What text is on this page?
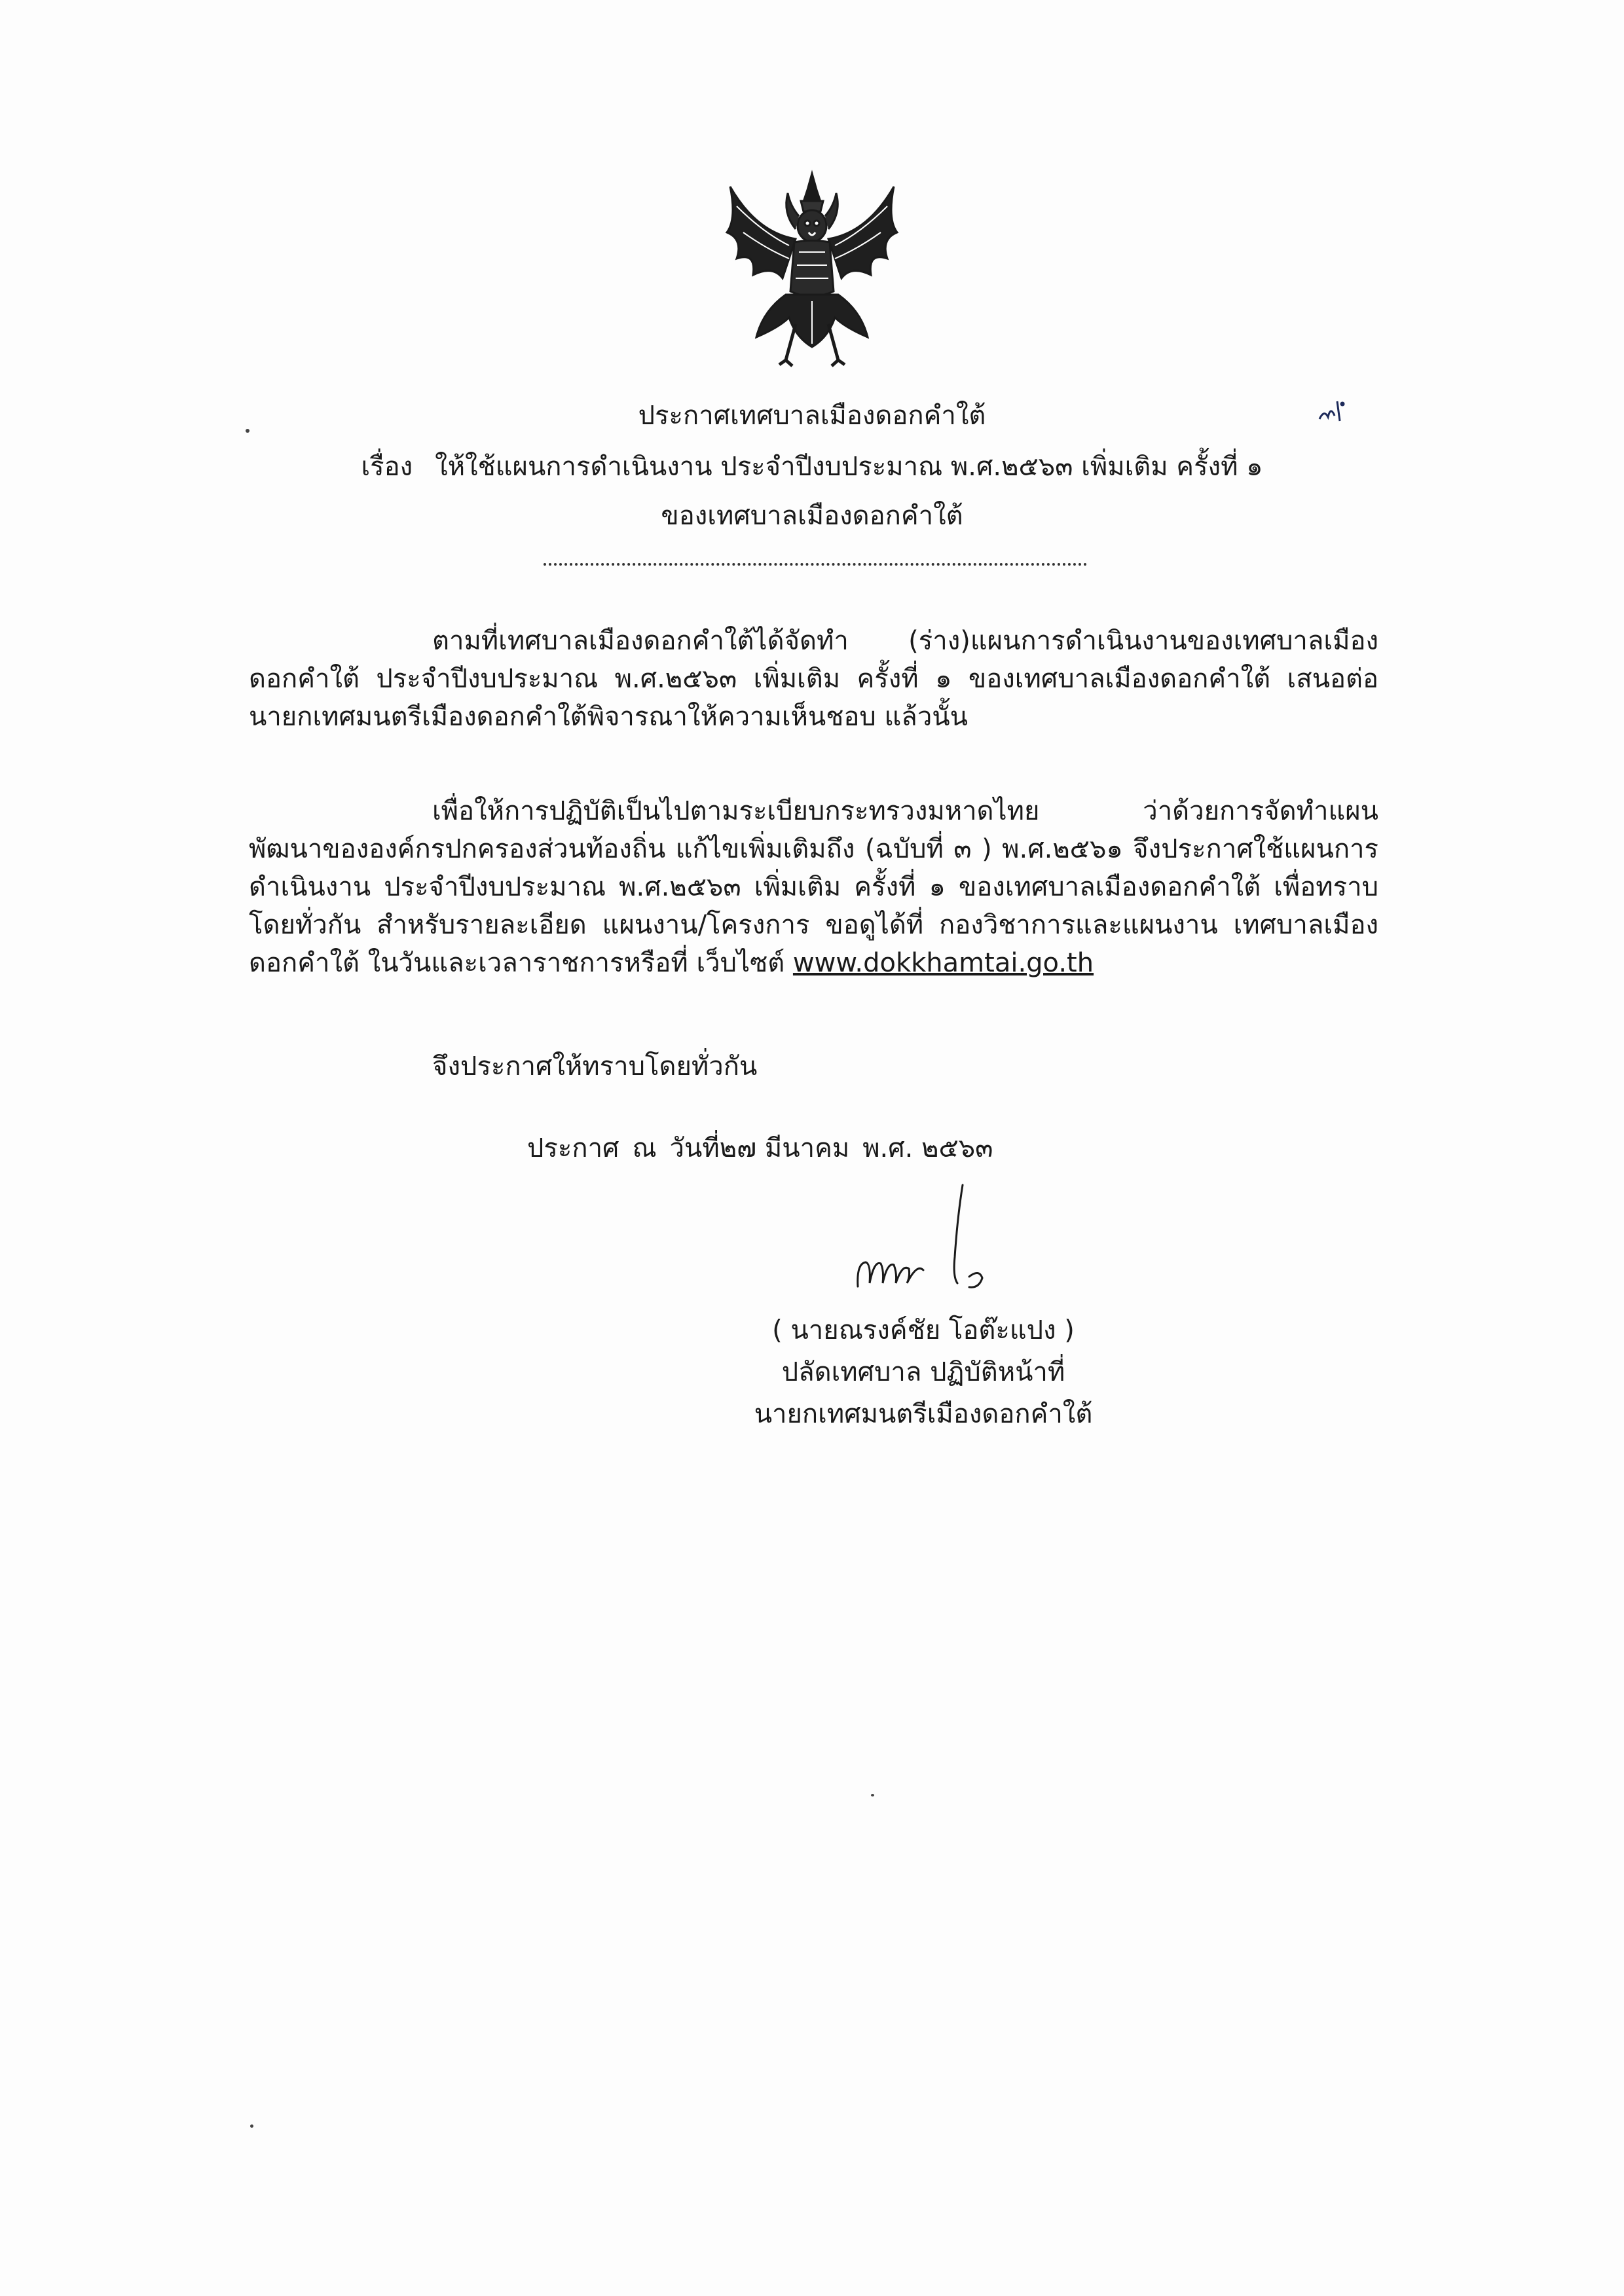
ประกาศเทศบาลเมืองดอกคำใต้
เรื่อง ให้ใช้แผนการดำเนินงาน ประจำปีงบประมาณ พ.ศ.๒๕๖๓ เพิ่มเติม ครั้งที่ ๑
ของเทศบาลเมืองดอกคำใต้
ตามที่เทศบาลเมืองดอกคำใต้ได้จัดทำ (ร่าง)แผนการดำเนินงานของเทศบาลเมือง
ดอกคำใต้ ประจำปีงบประมาณ พ.ศ.๒๕๖๓ เพิ่มเติม ครั้งที่ ๑ ของเทศบาลเมืองดอกคำใต้ เสนอต่อ
นายกเทศมนตรีเมืองดอกคำใต้พิจารณาให้ความเห็นชอบ แล้วนั้น
เพื่อให้การปฏิบัติเป็นไปตามระเบียบกระทรวงมหาดไทย ว่าด้วยการจัดทำแผน
พัฒนาขององค์กรปกครองส่วนท้องถิ่น แก้ไขเพิ่มเติมถึง (ฉบับที่ ๓ ) พ.ศ.๒๕๖๑ จึงประกาศใช้แผนการ
ดำเนินงาน ประจำปีงบประมาณ พ.ศ.๒๕๖๓ เพิ่มเติม ครั้งที่ ๑ ของเทศบาลเมืองดอกคำใต้ เพื่อทราบ
โดยทั่วกัน สำหรับรายละเอียด แผนงาน/โครงการ ขอดูได้ที่ กองวิชาการและแผนงาน เทศบาลเมือง
ดอกคำใต้ ในวันและเวลาราชการหรือที่ เว็บไซต์ www.dokkhamtai.go.th
จึงประกาศให้ทราบโดยทั่วกัน
ประกาศ ณ วันที่๒๗ มีนาคม พ.ศ. ๒๕๖๓
( นายณรงค์ชัย โอต๊ะแปง )
ปลัดเทศบาล ปฏิบัติหน้าที่
นายกเทศมนตรีเมืองดอกคำใต้
